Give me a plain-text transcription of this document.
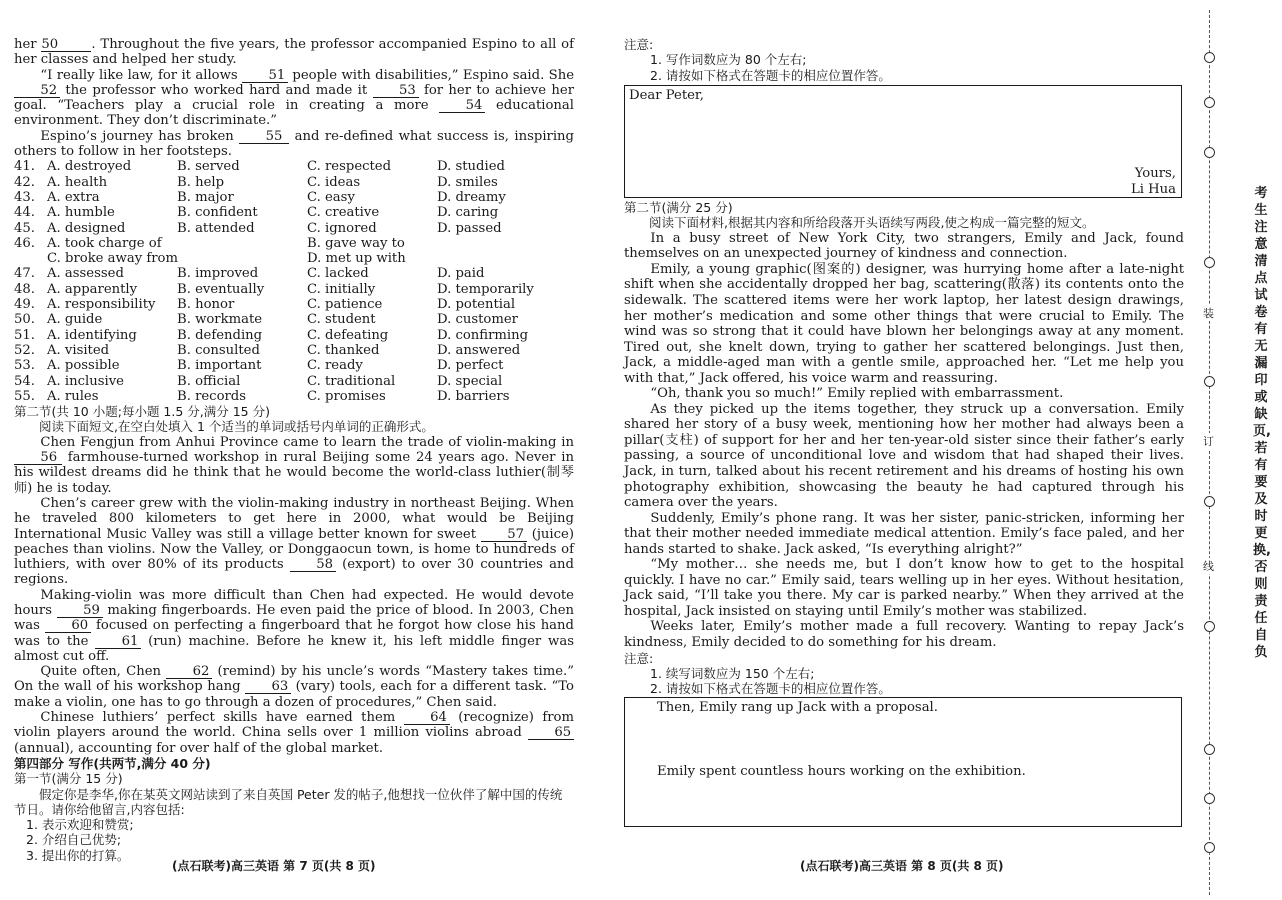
her 50	. Throughout the five years, the professor accompanied Espino to all of her classes and helped her study.

“I really like law, for it allows 51 people with disabilities,” Espino said. She 52 the professor who worked hard and made it 53 for her to achieve her goal. “Teachers play a crucial role in creating a more 54 educational environment. They don’t discriminate.”

Espino’s journey has broken 55 and re-defined what success is, inspiring others to follow in her footsteps.

41. A. destroyed	B. served	C. respected	D. studied
42. A. health	B. help	C. ideas	D. smiles
43. A. extra	B. major	C. easy	D. dreamy
44. A. humble	B. confident	C. creative	D. caring
45. A. designed	B. attended	C. ignored	D. passed
46. A. took charge of	B. gave way to
C. broke away from	D. met up with
47. A. assessed	B. improved	C. lacked	D. paid
48. A. apparently	B. eventually	C. initially	D. temporarily
49. A. responsibility	B. honor	C. patience	D. potential
50. A. guide	B. workmate	C. student	D. customer
51. A. identifying	B. defending	C. defeating	D. confirming
52. A. visited	B. consulted	C. thanked	D. answered
53. A. possible	B. important	C. ready	D. perfect
54. A. inclusive	B. official	C. traditional	D. special
55. A. rules	B. records	C. promises	D. barriers

第二节(共 10 小题;每小题 1.5 分,满分 15 分)

阅读下面短文,在空白处填入 1 个适当的单词或括号内单词的正确形式。

Chen Fengjun from Anhui Province came to learn the trade of violin-making in 56 farmhouse-turned workshop in rural Beijing some 24 years ago. Never in his wildest dreams did he think that he would become the world-class luthier(制琴师) he is today.

Chen’s career grew with the violin-making industry in northeast Beijing. When he traveled 800 kilometers to get here in 2000, what would be Beijing International Music Valley was still a village better known for sweet 57 (juice) peaches than violins. Now the Valley, or Donggaocun town, is home to hundreds of luthiers, with over 80% of its products 58 (export) to over 30 countries and regions.

Making-violin was more difficult than Chen had expected. He would devote hours 59 making fingerboards. He even paid the price of blood. In 2003, Chen was 60 focused on perfecting a fingerboard that he forgot how close his hand was to the 61 (run) machine. Before he knew it, his left middle finger was almost cut off.

Quite often, Chen 62 (remind) by his uncle’s words “Mastery takes time.” On the wall of his workshop hang 63 (vary) tools, each for a different task. “To make a violin, one has to go through a dozen of procedures,” Chen said.

Chinese luthiers’ perfect skills have earned them 64 (recognize) from violin players around the world. China sells over 1 million violins abroad 65 (annual), accounting for over half of the global market.

第四部分 写作(共两节,满分 40 分)

第一节(满分 15 分)

假定你是李华,你在某英文网站读到了来自英国 Peter 发的帖子,他想找一位伙伴了解中国的传统节日。请你给他留言,内容包括:

1. 表示欢迎和赞赏;

2. 介绍自己优势;

3. 提出你的打算。

(点石联考)高三英语 第 7 页(共 8 页)

注意:

1. 写作词数应为 80 个左右;

2. 请按如下格式在答题卡的相应位置作答。

Dear Peter,
Yours,
Li Hua

第二节(满分 25 分)

阅读下面材料,根据其内容和所给段落开头语续写两段,使之构成一篇完整的短文。

In a busy street of New York City, two strangers, Emily and Jack, found themselves on an unexpected journey of kindness and connection.

Emily, a young graphic(图案的) designer, was hurrying home after a late-night shift when she accidentally dropped her bag, scattering(散落) its contents onto the sidewalk. The scattered items were her work laptop, her latest design drawings, her mother’s medication and some other things that were crucial to Emily. The wind was so strong that it could have blown her belongings away at any moment. Tired out, she knelt down, trying to gather her scattered belongings. Just then, Jack, a middle-aged man with a gentle smile, approached her. “Let me help you with that,” Jack offered, his voice warm and reassuring.

“Oh, thank you so much!” Emily replied with embarrassment.

As they picked up the items together, they struck up a conversation. Emily shared her story of a busy week, mentioning how her mother had always been a pillar(支柱) of support for her and her ten-year-old sister since their father’s early passing, a source of unconditional love and wisdom that had shaped their lives. Jack, in turn, talked about his recent retirement and his dreams of hosting his own photography exhibition, showcasing the beauty he had captured through his camera over the years.

Suddenly, Emily’s phone rang. It was her sister, panic-stricken, informing her that their mother needed immediate medical attention. Emily’s face paled, and her hands started to shake. Jack asked, “Is everything alright?”

“My mother… she needs me, but I don’t know how to get to the hospital quickly. I have no car.” Emily said, tears welling up in her eyes. Without hesitation, Jack said, “I’ll take you there. My car is parked nearby.” When they arrived at the hospital, Jack insisted on staying until Emily’s mother was stabilized.

Weeks later, Emily’s mother made a full recovery. Wanting to repay Jack’s kindness, Emily decided to do something for his dream.

注意:

1. 续写词数应为 150 个左右;

2. 请按如下格式在答题卡的相应位置作答。

Then, Emily rang up Jack with a proposal.
Emily spent countless hours working on the exhibition.
(点石联考)高三英语 第 8 页(共 8 页)
装
订
线
考生注意清点试卷有无漏印或缺页,若有要及时更换,否则责任自负
